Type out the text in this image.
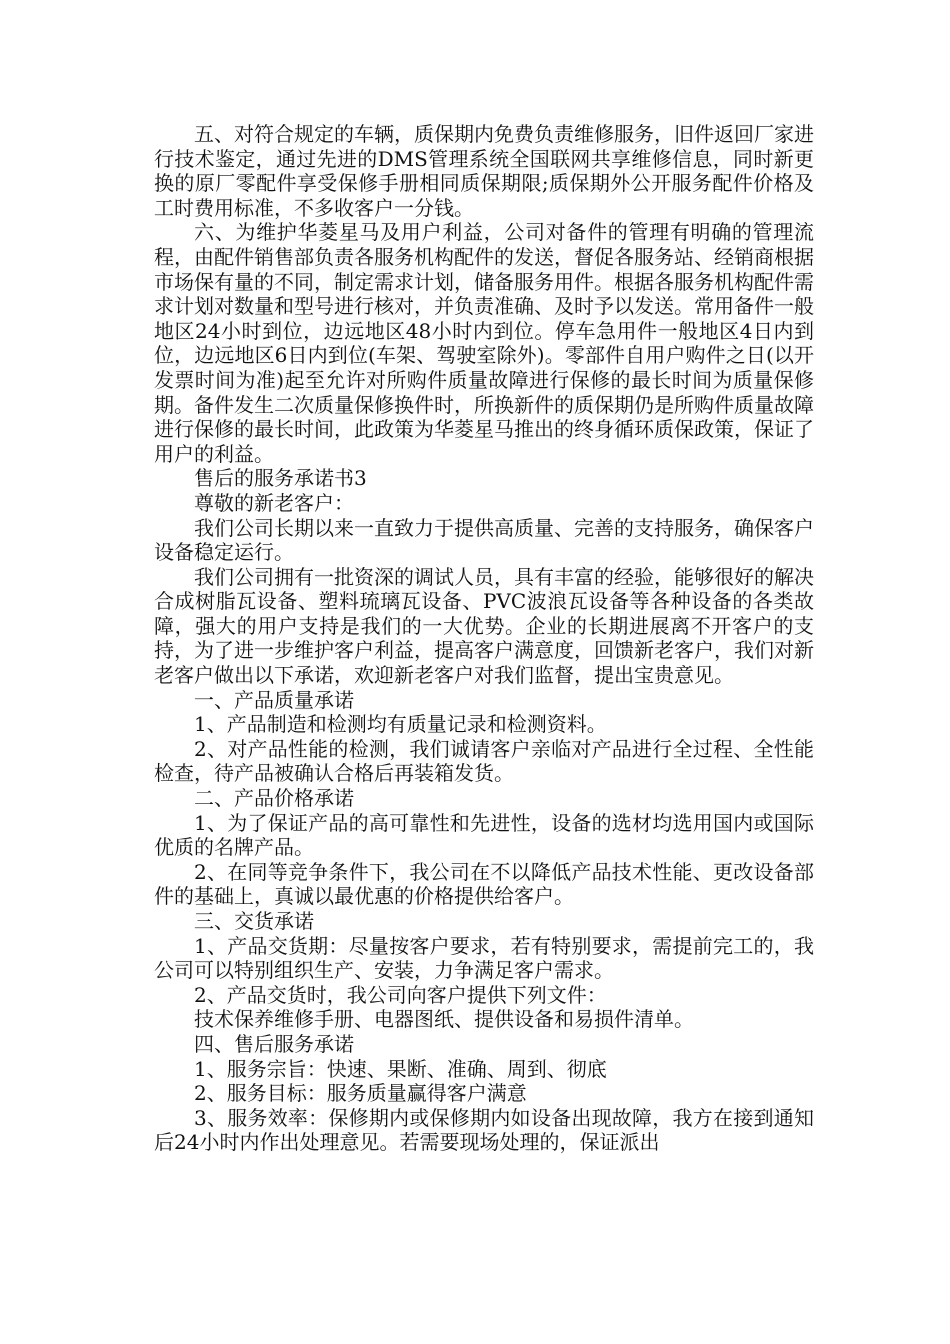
五、对符合规定的车辆，质保期内免费负责维修服务，旧件返回厂家进行技术鉴定，通过先进的DMS管理系统全国联网共享维修信息，同时新更换的原厂零配件享受保修手册相同质保期限;质保期外公开服务配件价格及工时费用标准，不多收客户一分钱。

六、为维护华菱星马及用户利益，公司对备件的管理有明确的管理流程，由配件销售部负责各服务机构配件的发送，督促各服务站、经销商根据市场保有量的不同，制定需求计划，储备服务用件。根据各服务机构配件需求计划对数量和型号进行核对，并负责准确、及时予以发送。常用备件一般地区24小时到位，边远地区48小时内到位。停车急用件一般地区4日内到位，边远地区6日内到位(车架、驾驶室除外)。零部件自用户购件之日(以开发票时间为准)起至允许对所购件质量故障进行保修的最长时间为质量保修期。备件发生二次质量保修换件时，所换新件的质保期仍是所购件质量故障进行保修的最长时间，此政策为华菱星马推出的终身循环质保政策，保证了用户的利益。

售后的服务承诺书3

尊敬的新老客户：

我们公司长期以来一直致力于提供高质量、完善的支持服务，确保客户设备稳定运行。

我们公司拥有一批资深的调试人员，具有丰富的经验，能够很好的解决合成树脂瓦设备、塑料琉璃瓦设备、PVC波浪瓦设备等各种设备的各类故障，强大的用户支持是我们的一大优势。企业的长期进展离不开客户的支持，为了进一步维护客户利益，提高客户满意度，回馈新老客户，我们对新老客户做出以下承诺，欢迎新老客户对我们监督，提出宝贵意见。

一、产品质量承诺

1、产品制造和检测均有质量记录和检测资料。

2、对产品性能的检测，我们诚请客户亲临对产品进行全过程、全性能检查，待产品被确认合格后再装箱发货。

二、产品价格承诺

1、为了保证产品的高可靠性和先进性，设备的选材均选用国内或国际优质的名牌产品。

2、在同等竞争条件下，我公司在不以降低产品技术性能、更改设备部件的基础上，真诚以最优惠的价格提供给客户。

三、交货承诺

1、产品交货期：尽量按客户要求，若有特别要求，需提前完工的，我公司可以特别组织生产、安装，力争满足客户需求。

2、产品交货时，我公司向客户提供下列文件：

技术保养维修手册、电器图纸、提供设备和易损件清单。

四、售后服务承诺

1、服务宗旨：快速、果断、准确、周到、彻底

2、服务目标：服务质量赢得客户满意

3、服务效率：保修期内或保修期内如设备出现故障，我方在接到通知后24小时内作出处理意见。若需要现场处理的，保证派出
